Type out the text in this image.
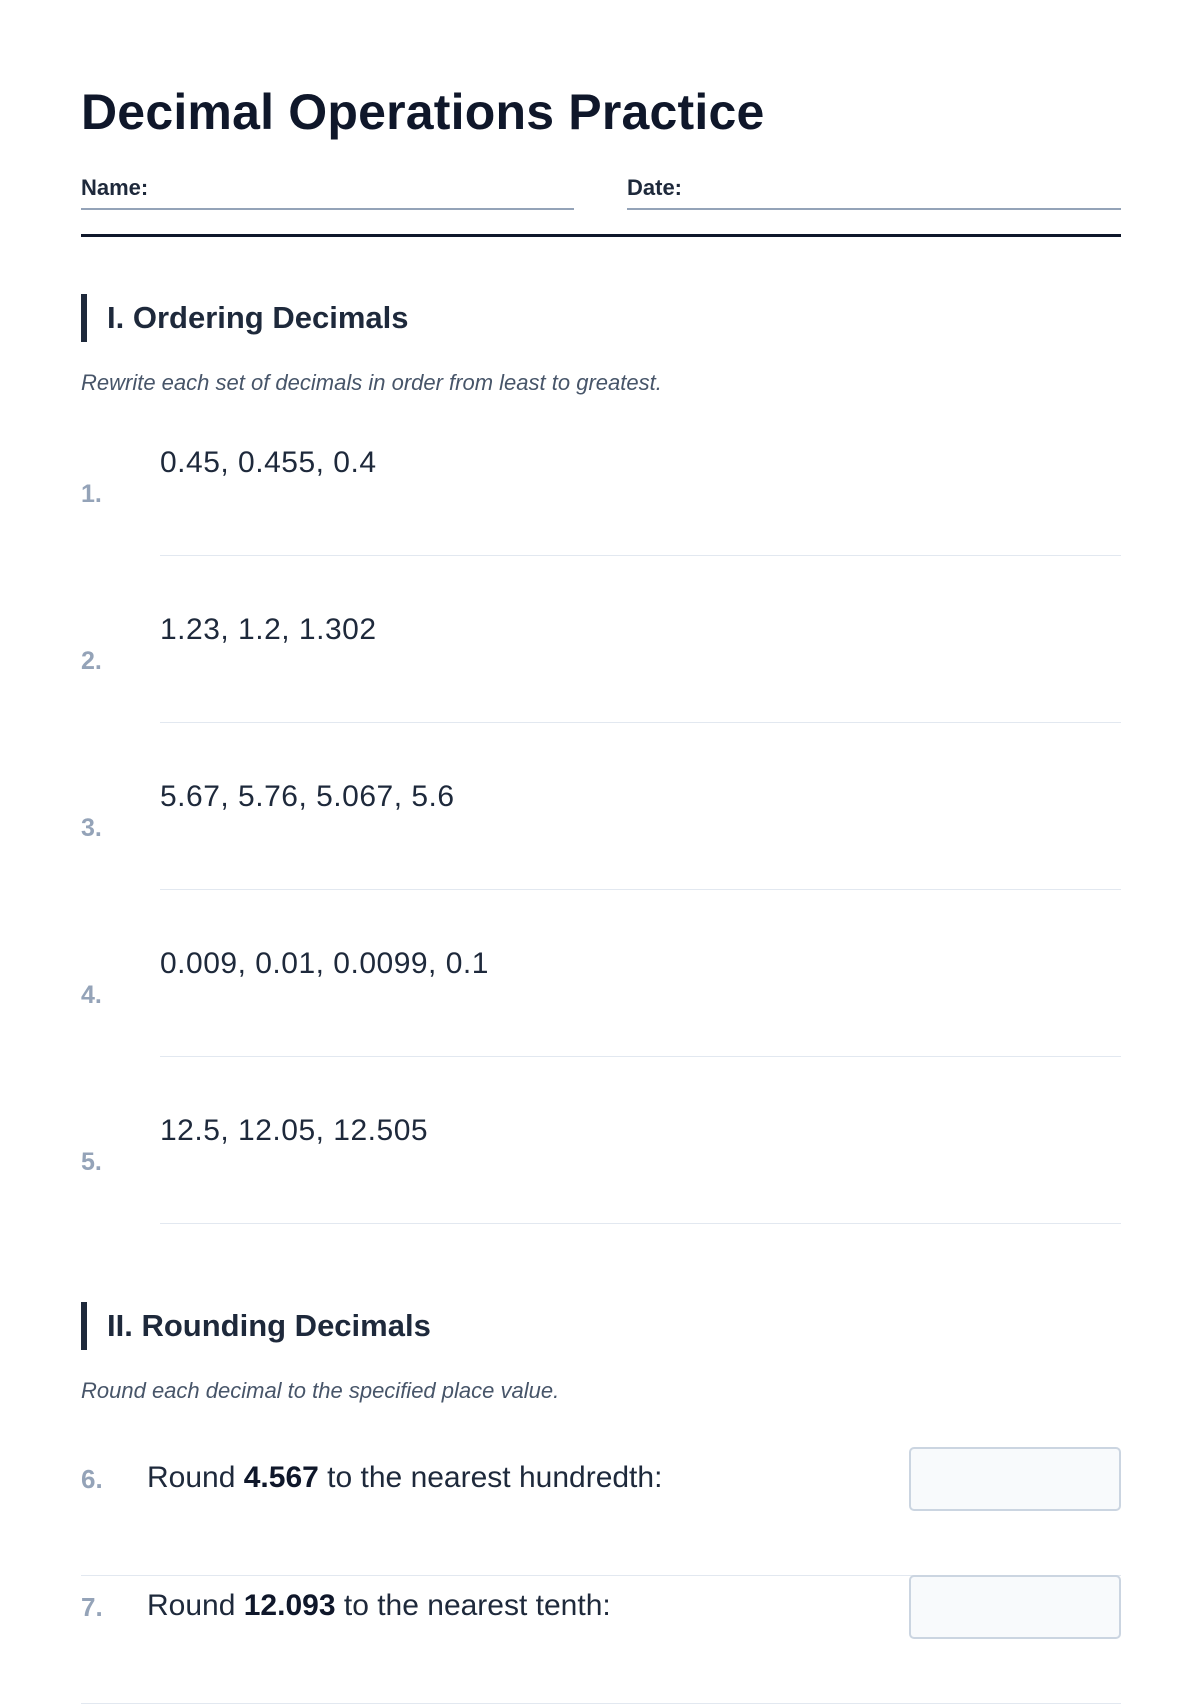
Decimal Operations Practice
Name:	Date:
I. Ordering Decimals
Rewrite each set of decimals in order from least to greatest.
1.
0.45, 0.455, 0.4
2.
1.23, 1.2, 1.302
3.
5.67, 5.76, 5.067, 5.6
4.
0.009, 0.01, 0.0099, 0.1
5.
12.5, 12.05, 12.505
II. Rounding Decimals
Round each decimal to the specified place value.
6. Round 4.567 to the nearest hundredth:
7. Round 12.093 to the nearest tenth:
